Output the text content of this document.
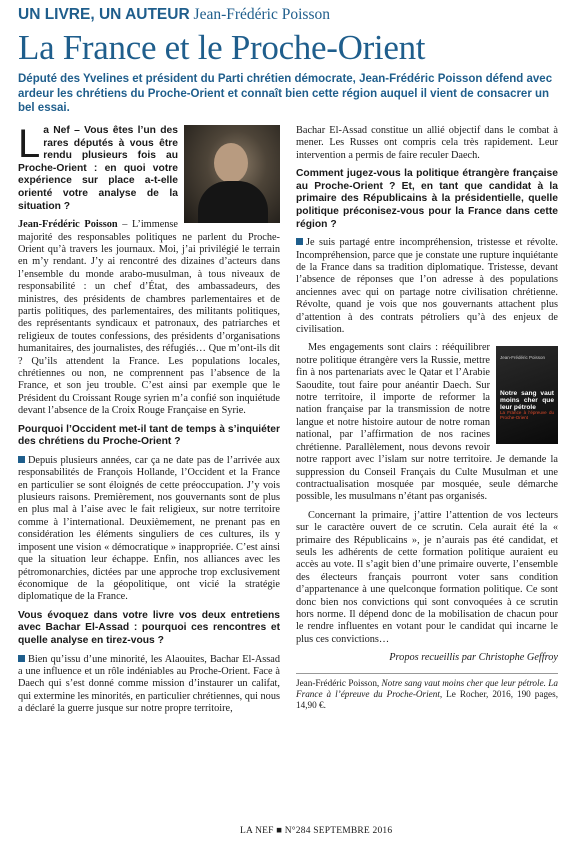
UN LIVRE, UN AUTEUR Jean-Frédéric Poisson
La France et le Proche-Orient
Député des Yvelines et président du Parti chrétien démocrate, Jean-Frédéric Poisson défend avec ardeur les chrétiens du Proche-Orient et connaît bien cette région auquel il vient de consacrer un bel essai.
L a Nef – Vous êtes l’un des rares députés à vous être rendu plusieurs fois au Proche-Orient : en quoi votre expérience sur place a-t-elle orienté votre analyse de la situation ?

Jean-Frédéric Poisson – L’immense majorité des responsables politiques ne parlent du Proche-Orient qu’à travers les journaux. Moi, j’ai privilégié le terrain en m’y rendant. J’y ai rencontré des dizaines d’acteurs dans l’ensemble du monde arabo-musulman, à tous niveaux de responsabilité : un chef d’État, des ambassadeurs, des ministres, des présidents de chambres parlementaires et de partis politiques, des parlementaires, des militants politiques, des représentants syndicaux et patronaux, des patriarches et religieux de toutes confessions, des présidents d’organisations humanitaires, des journalistes, des réfugiés… Que m’ont-ils dit ? Qu’ils attendent la France. Les populations locales, chrétiennes ou non, ne comprennent pas l’absence de la France, et son jeu trouble. C’est ainsi par exemple que le Président du Croissant Rouge syrien m’a confié son inquiétude devant l’absence de la Croix Rouge Française en Syrie.

Pourquoi l’Occident met-il tant de temps à s’inquiéter des chrétiens du Proche-Orient ?

Depuis plusieurs années, car ça ne date pas de l’arrivée aux responsabilités de François Hollande, l’Occident et la France en particulier se sont éloignés de cette préoccupation. J’y vois plusieurs raisons. Premièrement, nos gouvernants sont de plus en plus mal à l’aise avec le fait religieux, sur notre territoire comme à l’international. Deuxièmement, ne prenant pas en considération les éléments singuliers de ces cultures, ils y imposent une vision « démocratique » inappropriée. C’est ainsi que la situation leur échappe. Enfin, nos alliances avec les pétromonarchies, dictées par une approche trop exclusivement économique de la géopolitique, ont vicié la stratégie diplomatique de la France.

Vous évoquez dans votre livre vos deux entretiens avec Bachar El-Assad : pourquoi ces rencontres et quelle analyse en tirez-vous ?

Bien qu’issu d’une minorité, les Alaouites, Bachar El-Assad a une influence et un rôle indéniables au Proche-Orient. Face à Daech qui s’est donné comme mission d’instaurer un califat, qui extermine les minorités, en particulier chrétiennes, qui nous a déclaré la guerre jusque sur notre propre territoire,

Bachar El-Assad constitue un allié objectif dans le combat à mener. Les Russes ont compris cela très rapidement. Leur intervention a permis de faire reculer Daech.

Comment jugez-vous la politique étrangère française au Proche-Orient ? Et, en tant que candidat à la primaire des Républicains à la présidentielle, quelle politique préconisez-vous pour la France dans cette région ?

Je suis partagé entre incompréhension, tristesse et révolte. Incompréhension, parce que je constate une rupture inquiétante de la France dans sa tradition diplomatique. Tristesse, devant l’absence de réponses que l’on adresse à des populations anciennes avec qui on partage notre civilisation chrétienne. Révolte, quand je vois que nos gouvernants attachent plus d’attention à des contrats pétroliers qu’à des enjeux de civilisation.

Jean-Frédéric Poisson
Notre sang vaut moins cher que leur pétrole
La France à l’épreuve du Proche-Orient

Mes engagements sont clairs : rééquilibrer notre politique étrangère vers la Russie, mettre fin à nos partenariats avec le Qatar et l’Arabie Saoudite, tout faire pour anéantir Daech. Sur notre territoire, il importe de reformer la nation française par la transmission de notre langue et notre histoire autour de notre roman national, par l’affirmation de nos racines chrétienne. Parallèlement, nous devons revoir notre rapport avec l’islam sur notre territoire. Je demande la suppression du Conseil Français du Culte Musulman et une contractualisation mosquée par mosquée, seule démarche possible, les musulmans n’étant pas organisés.

Concernant la primaire, j’attire l’attention de vos lecteurs sur le caractère ouvert de ce scrutin. Cela aurait été la « primaire des Républicains », je n’aurais pas été candidat, et seuls les adhérents de cette formation politique auraient eu accès au vote. Il s’agit bien d’une primaire ouverte, l’ensemble des électeurs français pourront voter sans condition d’appartenance à une quelconque formation politique. Ce sont donc bien nos convictions qui sont convoquées à ce scrutin hors norme. Il dépend donc de la mobilisation de chacun pour le rendre influentes en votant pour le candidat qui incarne le plus ces convictions…

Propos recueillis par Christophe Geffroy
Jean-Frédéric Poisson, Notre sang vaut moins cher que leur pétrole. La France à l’épreuve du Proche-Orient, Le Rocher, 2016, 190 pages, 14,90 €.
LA NEF ■ N°284 SEPTEMBRE 2016
